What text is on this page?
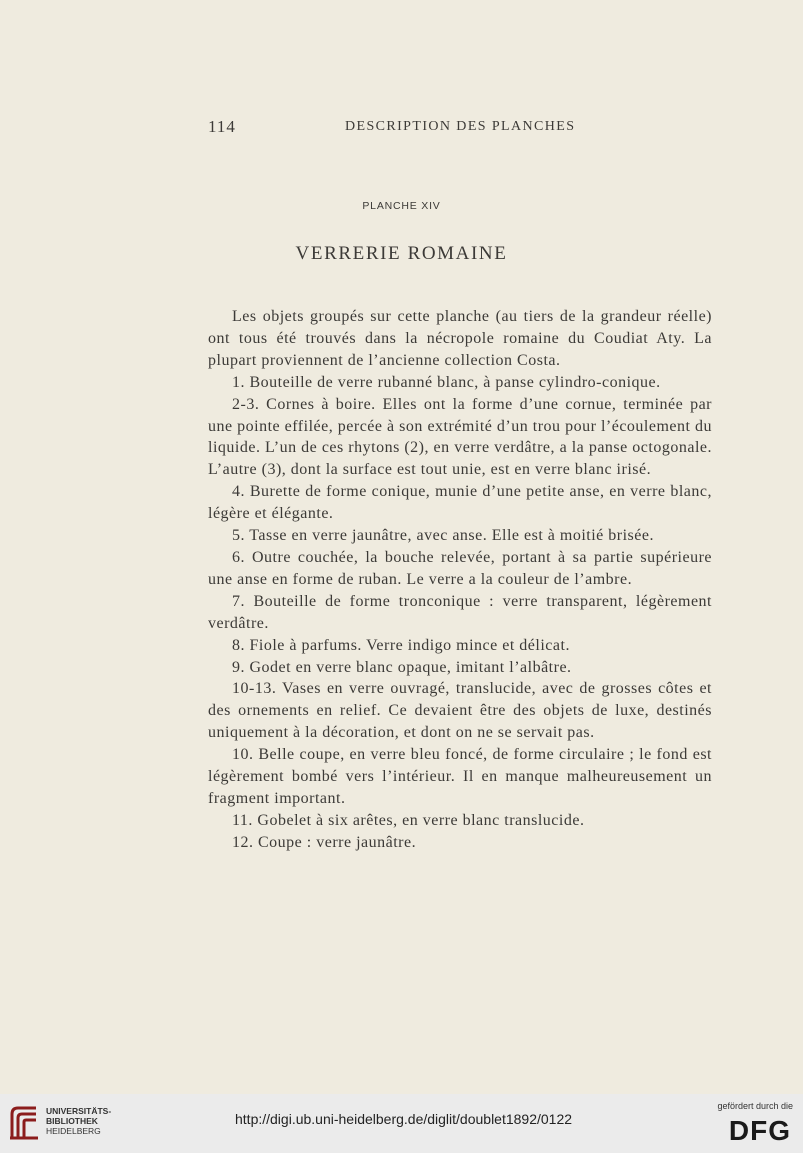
114	DESCRIPTION DES PLANCHES
PLANCHE XIV
VERRERIE ROMAINE

Les objets groupés sur cette planche (au tiers de la grandeur réelle) ont tous été trouvés dans la nécropole romaine du Coudiat Aty. La plupart proviennent de l’ancienne collection Costa.

1. Bouteille de verre rubanné blanc, à panse cylindro-conique.

2-3. Cornes à boire. Elles ont la forme d’une cornue, terminée par une pointe effilée, percée à son extrémité d’un trou pour l’écoulement du liquide. L’un de ces rhytons (2), en verre verdâtre, a la panse octogonale. L’autre (3), dont la surface est tout unie, est en verre blanc irisé.

4. Burette de forme conique, munie d’une petite anse, en verre blanc, légère et élégante.

5. Tasse en verre jaunâtre, avec anse. Elle est à moitié brisée.

6. Outre couchée, la bouche relevée, portant à sa partie supérieure une anse en forme de ruban. Le verre a la couleur de l’ambre.

7. Bouteille de forme tronconique : verre transparent, légèrement verdâtre.

8. Fiole à parfums. Verre indigo mince et délicat.

9. Godet en verre blanc opaque, imitant l’albâtre.

10-13. Vases en verre ouvragé, translucide, avec de grosses côtes et des ornements en relief. Ce devaient être des objets de luxe, destinés uniquement à la décoration, et dont on ne se servait pas.

10. Belle coupe, en verre bleu foncé, de forme circulaire ; le fond est légèrement bombé vers l’intérieur. Il en manque malheureusement un fragment important.

11. Gobelet à six arêtes, en verre blanc translucide.

12. Coupe : verre jaunâtre.

UNIVERSITÄTS-
BIBLIOTHEK
HEIDELBERG
http://digi.ub.uni-heidelberg.de/diglit/doublet1892/0122
gefördert durch die
DFG
